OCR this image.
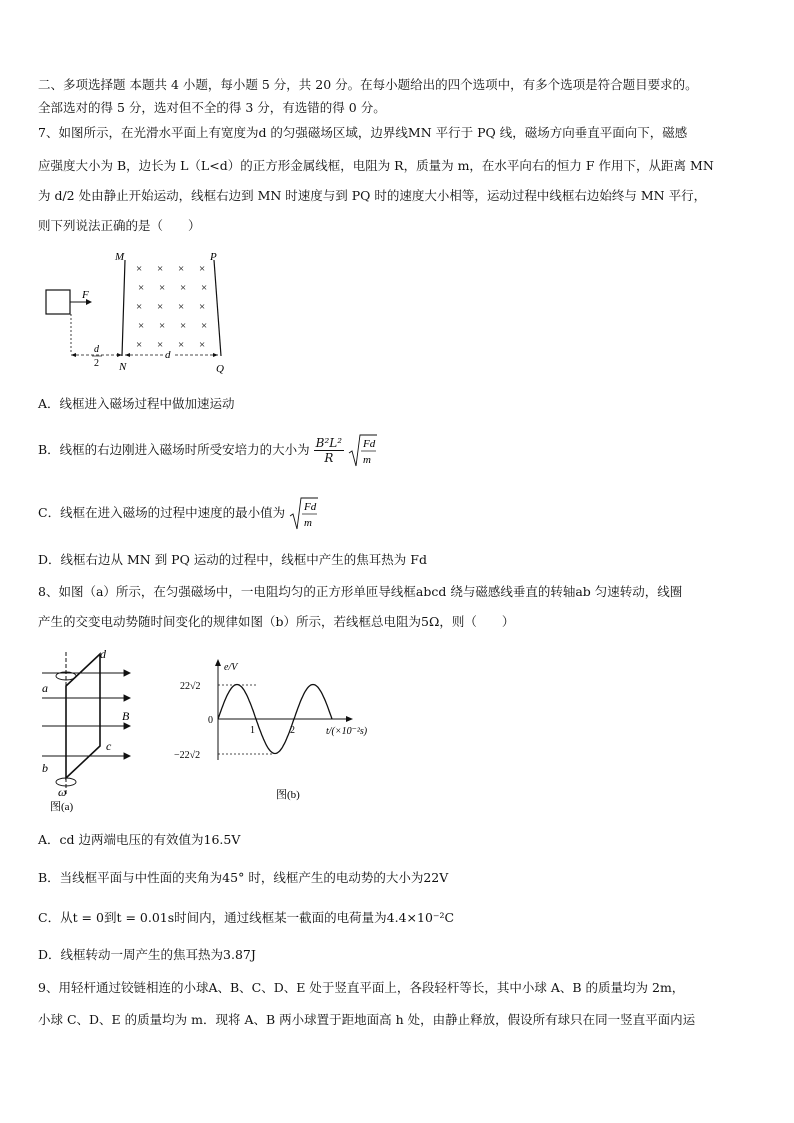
二、多项选择题 本题共 4 小题，每小题 5 分，共 20 分。在每小题给出的四个选项中，有多个选项是符合题目要求的。
全部选对的得 5 分，选对但不全的得 3 分，有选错的得 0 分。
7、如图所示，在光滑水平面上有宽度为d 的匀强磁场区域，边界线MN 平行于 PQ 线，磁场方向垂直平面向下，磁感
应强度大小为 B，边长为 L（L<d）的正方形金属线框，电阻为 R，质量为 m，在水平向右的恒力 F 作用下，从距离 MN
为 d/2 处由静止开始运动，线框右边到 MN 时速度与到 PQ 时的速度大小相等，运动过程中线框右边始终与 MN 平行，
则下列说法正确的是（　　）
F
M	P
N	Q
× × × ×
× × × ×
× × × ×
× × × ×
× × × ×
d
2
d
A．线框进入磁场过程中做加速运动
B．线框的右边刚进入磁场时所受安培力的大小为 $\frac{\text{B²L²}}{R}$
Fd
m
C．线框在进入磁场的过程中速度的最小值为 Fd
m
D．线框右边从 MN 到 PQ 运动的过程中，线框中产生的焦耳热为 Fd
8、如图（a）所示，在匀强磁场中，一电阻均匀的正方形单匝导线框abcd 绕与磁感线垂直的转轴ab 匀速转动，线圈
产生的交变电动势随时间变化的规律如图（b）所示，若线框总电阻为5Ω，则（　　）
a
d
c
b
B
ω
图(a)
e/V
22√2
−22√2
0
1	2	t/(×10⁻²s)
图(b)
A．cd 边两端电压的有效值为16.5V
B．当线框平面与中性面的夹角为45° 时，线框产生的电动势的大小为22V
C．从t = 0到t = 0.01s时间内，通过线框某一截面的电荷量为4.4×10⁻²C
D．线框转动一周产生的焦耳热为3.87J
9、用轻杆通过铰链相连的小球A、B、C、D、E 处于竖直平面上，各段轻杆等长，其中小球 A、B 的质量均为 2m，
小球 C、D、E 的质量均为 m．现将 A、B 两小球置于距地面高 h 处，由静止释放，假设所有球只在同一竖直平面内运
